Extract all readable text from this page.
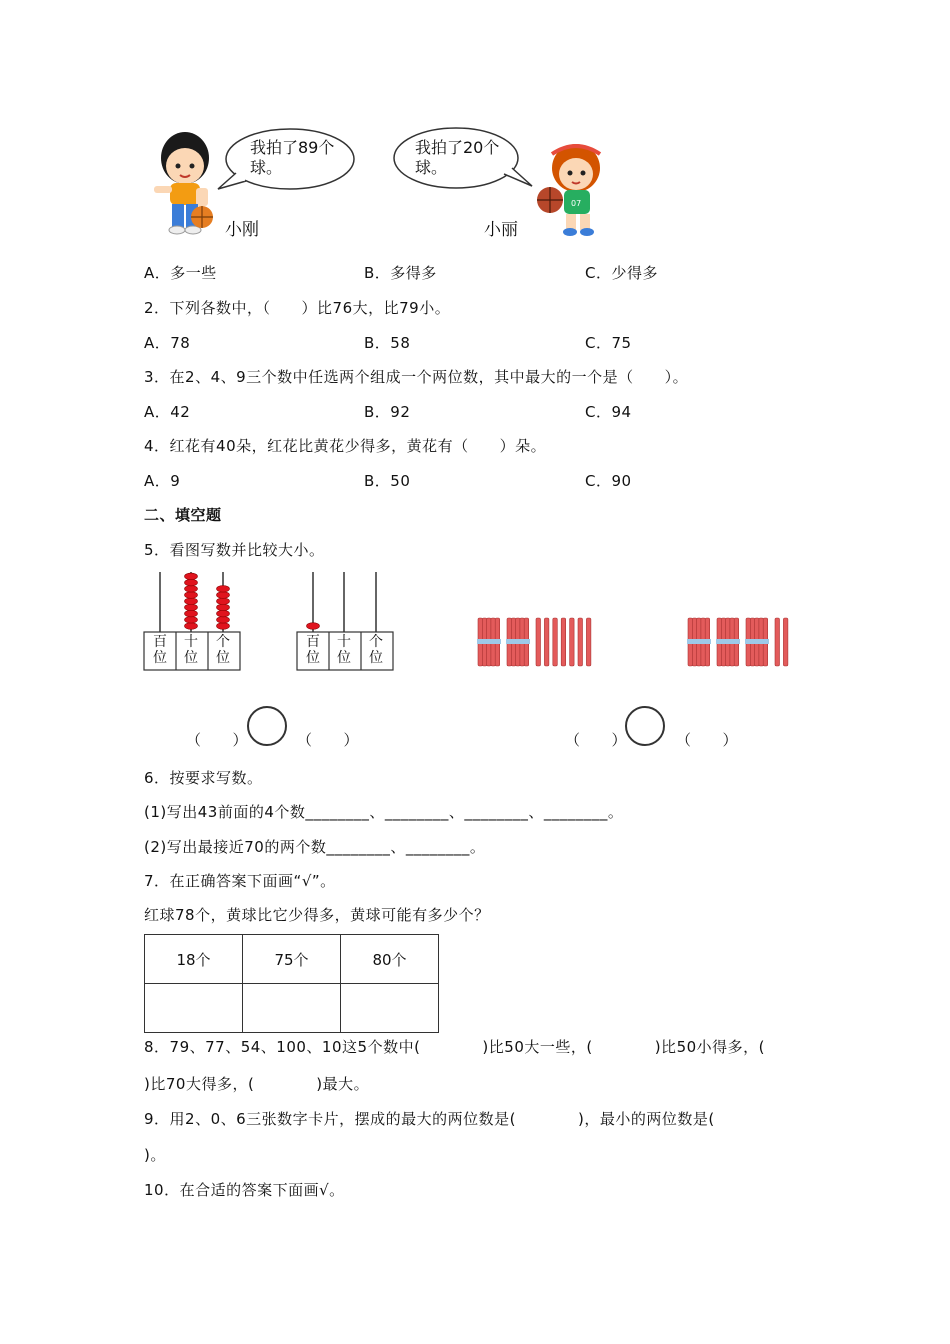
我拍了89个球。
小刚
我拍了20个球。
小丽
07
A．多一些	B．多得多	C．少得多
2．下列各数中，（　　）比76大，比79小。
A．78	B．58	C．75
3．在2、4、9三个数中任选两个组成一个两位数，其中最大的一个是（　　）。
A．42	B．92	C．94
4．红花有40朵，红花比黄花少得多，黄花有（　　）朵。
A．9	B．50	C．90
二、填空题
5．看图写数并比较大小。
百
位
十
位
个
位
百
位
十
位
个
位
（　　）	（　　）	（　　）	（　　）
6．按要求写数。
(1)写出43前面的4个数________、________、________、________。
(2)写出最接近70的两个数________、________。
7．在正确答案下面画“√”。
红球78个，黄球比它少得多，黄球可能有多少个？
18个	75个	80个

8．79、77、54、100、10这5个数中(　　　　)比50大一些，(　　　　)比50小得多，(
)比70大得多，(　　　　)最大。
9．用2、0、6三张数字卡片，摆成的最大的两位数是(　　　　)，最小的两位数是(
)。
10．在合适的答案下面画√。
